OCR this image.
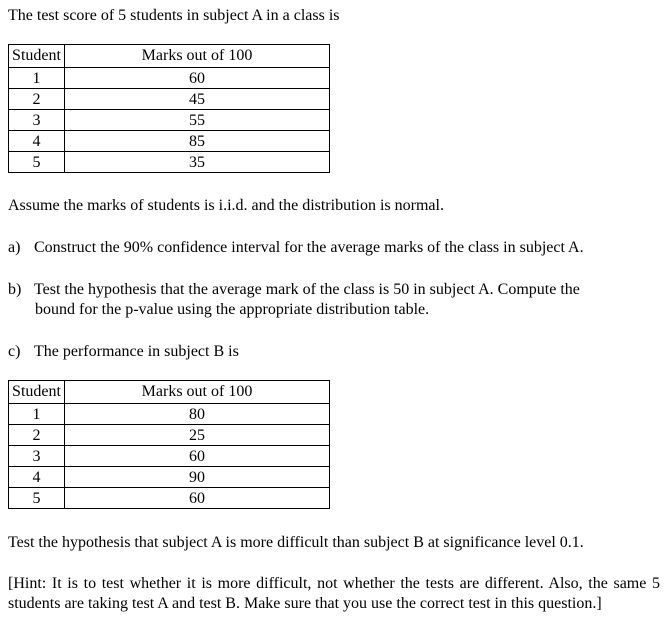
The test score of 5 students in subject A in a class is
Student	Marks out of 100
1	60
2	45
3	55
4	85
5	35
Assume the marks of students is i.i.d. and the distribution is normal.
a) Construct the 90% confidence interval for the average marks of the class in subject A.
b) Test the hypothesis that the average mark of the class is 50 in subject A. Compute the
bound for the p-value using the appropriate distribution table.
c) The performance in subject B is
Student	Marks out of 100
1	80
2	25
3	60
4	90
5	60
Test the hypothesis that subject A is more difficult than subject B at significance level 0.1.
[Hint: It is to test whether it is more difficult, not whether the tests are different. Also, the same 5 students are taking test A and test B. Make sure that you use the correct test in this question.]
